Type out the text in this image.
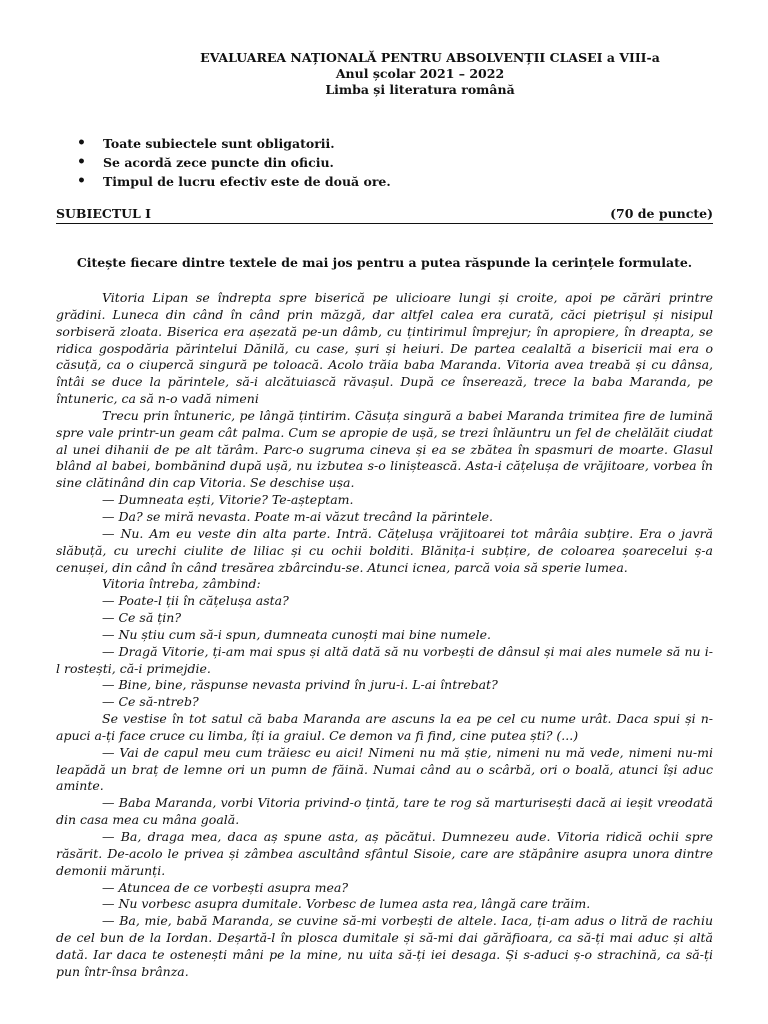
EVALUAREA NAȚIONALĂ PENTRU ABSOLVENȚII CLASEI a VIII-a
Anul școlar 2021 – 2022
Limba și literatura română
• Toate subiectele sunt obligatorii.
• Se acordă zece puncte din oficiu.
• Timpul de lucru efectiv este de două ore.
SUBIECTUL I	(70 de puncte)
Citește fiecare dintre textele de mai jos pentru a putea răspunde la cerințele formulate.

Vitoria Lipan se îndrepta spre biserică pe ulicioare lungi și croite, apoi pe cărări printre grădini. Luneca din când în când prin măzgă, dar altfel calea era curată, căci pietrișul și nisipul sorbiseră zloata. Biserica era așezată pe-un dâmb, cu țintirimul împrejur; în apropiere, în dreapta, se ridica gospodăria părintelui Dănilă, cu case, șuri și heiuri. De partea cealaltă a bisericii mai era o căsuță, ca o ciupercă singură pe toloacă. Acolo trăia baba Maranda. Vitoria avea treabă și cu dânsa, întâi se duce la părintele, să-i alcătuiască răvașul. După ce înserează, trece la baba Maranda, pe întuneric, ca să n-o vadă nimeni

Trecu prin întuneric, pe lângă țintirim. Căsuța singură a babei Maranda trimitea fire de lumină spre vale printr-un geam cât palma. Cum se apropie de ușă, se trezi înlăuntru un fel de chelălăit ciudat al unei dihanii de pe alt tărâm. Parc-o sugruma cineva și ea se zbătea în spasmuri de moarte. Glasul blând al babei, bombănind după ușă, nu izbutea s-o liniștească. Asta-i cățelușa de vrăjitoare, vorbea în sine clătinând din cap Vitoria. Se deschise ușa.

— Dumneata ești, Vitorie? Te-așteptam.

— Da? se miră nevasta. Poate m-ai văzut trecând la părintele.

— Nu. Am eu veste din alta parte. Intră. Cățelușa vrăjitoarei tot mârâia subțire. Era o javră slăbuță, cu urechi ciulite de liliac și cu ochii bolditi. Blănița-i subțire, de coloarea șoarecelui ș-a cenușei, din când în când tresărea zbârcindu-se. Atunci icnea, parcă voia să sperie lumea.

Vitoria întreba, zâmbind:

— Poate-l ții în cățelușa asta?

— Ce să țin?

— Nu știu cum să-i spun, dumneata cunoști mai bine numele.

— Dragă Vitorie, ți-am mai spus și altă dată să nu vorbești de dânsul și mai ales numele să nu i-l rostești, că-i primejdie.

— Bine, bine, răspunse nevasta privind în juru-i. L-ai întrebat?

— Ce să-ntreb?

Se vestise în tot satul că baba Maranda are ascuns la ea pe cel cu nume urât. Daca spui și n-apuci a-ți face cruce cu limba, îți ia graiul. Ce demon va fi find, cine putea ști? (...)

— Vai de capul meu cum trăiesc eu aici! Nimeni nu mă știe, nimeni nu mă vede, nimeni nu-mi leapădă un braț de lemne ori un pumn de făină. Numai când au o scârbă, ori o boală, atunci își aduc aminte.

— Baba Maranda, vorbi Vitoria privind-o țintă, tare te rog să marturisești dacă ai ieșit vreodată din casa mea cu mâna goală.

— Ba, draga mea, daca aș spune asta, aș păcătui. Dumnezeu aude. Vitoria ridică ochii spre răsărit. De-acolo le privea și zâmbea ascultând sfântul Sisoie, care are stăpânire asupra unora dintre demonii mărunți.

— Atuncea de ce vorbești asupra mea?

— Nu vorbesc asupra dumitale. Vorbesc de lumea asta rea, lângă care trăim.

— Ba, mie, babă Maranda, se cuvine să-mi vorbești de altele. Iaca, ți-am adus o litră de rachiu de cel bun de la Iordan. Deșartă-l în plosca dumitale și să-mi dai gărăfioara, ca să-ți mai aduc și altă dată. Iar daca te ostenești mâni pe la mine, nu uita să-ți iei desaga. Și s-aduci ș-o strachină, ca să-ți pun într-însa brânza.
